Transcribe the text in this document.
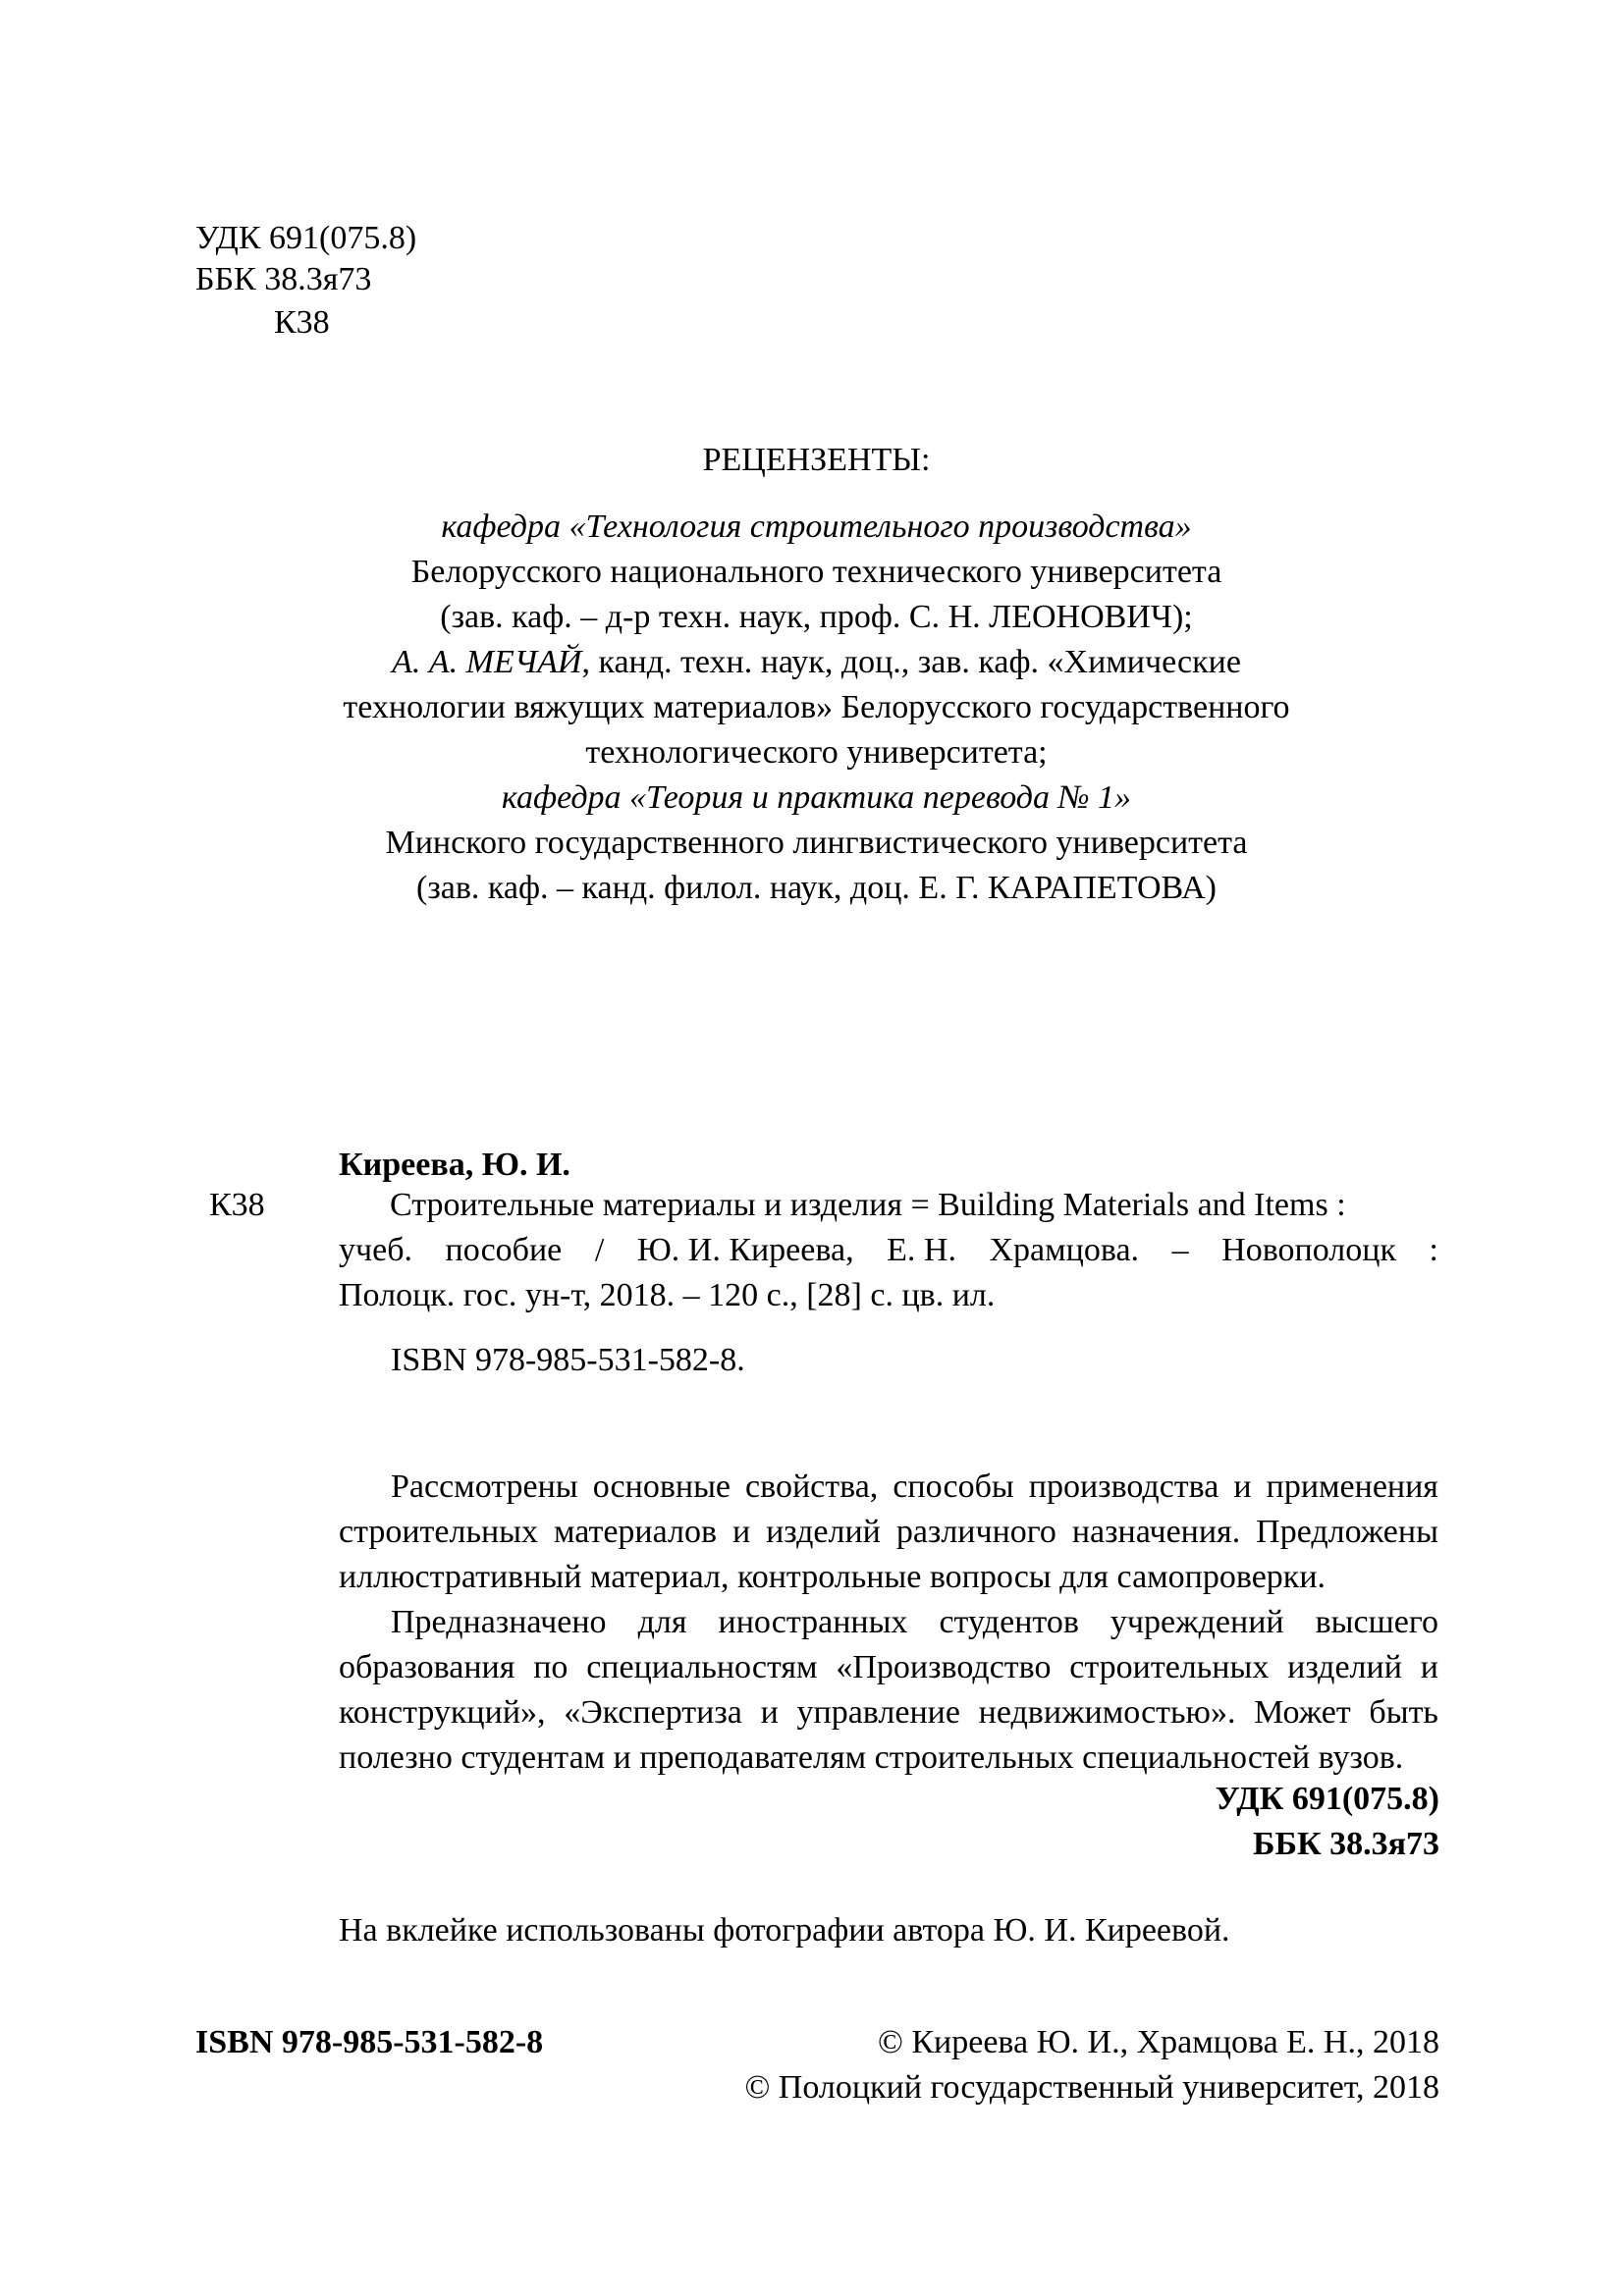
УДК 691(075.8)
ББК 38.3я73
К38
РЕЦЕНЗЕНТЫ:
кафедра «Технология строительного производства»
Белорусского национального технического университета
(зав. каф. – д-р техн. наук, проф. С. Н. ЛЕОНОВИЧ);
А. А. МЕЧАЙ, канд. техн. наук, доц., зав. каф. «Химические
технологии вяжущих материалов» Белорусского государственного
технологического университета;
кафедра «Теория и практика перевода № 1»
Минского государственного лингвистического университета
(зав. каф. – канд. филол. наук, доц. Е. Г. КАРАПЕТОВА)
Киреева, Ю. И.
К38	Строительные материалы и изделия = Building Materials and Items :
учеб. пособие / Ю. И. Киреева, Е. Н. Храмцова. – Новополоцк :
Полоцк. гос. ун-т, 2018. – 120 с., [28] с. цв. ил.
ISBN 978-985-531-582-8.
Рассмотрены основные свойства, способы производства и применения
строительных материалов и изделий различного назначения. Предложены
иллюстративный материал, контрольные вопросы для самопроверки.
Предназначено для иностранных студентов учреждений высшего
образования по специальностям «Производство строительных изделий и
конструкций», «Экспертиза и управление недвижимостью». Может быть
полезно студентам и преподавателям строительных специальностей вузов.
УДК 691(075.8)
ББК 38.3я73
На вклейке использованы фотографии автора Ю. И. Киреевой.
ISBN 978-985-531-582-8	© Киреева Ю. И., Храмцова Е. Н., 2018
© Полоцкий государственный университет, 2018
